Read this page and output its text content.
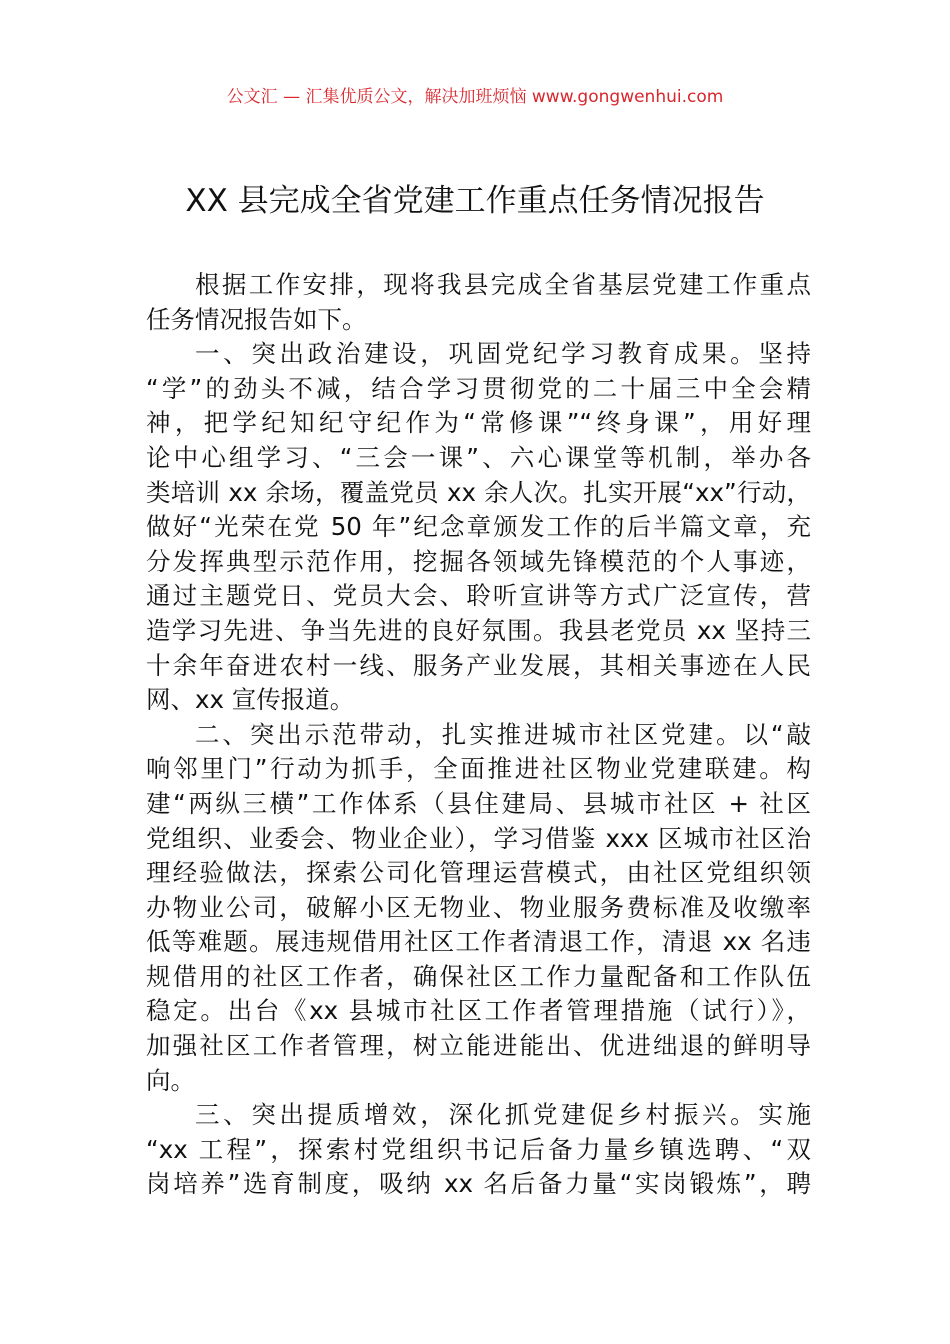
公文汇 — 汇集优质公文，解决加班烦恼 www.gongwenhui.com
XX 县完成全省党建工作重点任务情况报告
根据工作安排，现将我县完成全省基层党建工作重点
任务情况报告如下。
一、突出政治建设，巩固党纪学习教育成果。坚持
“学”的劲头不减，结合学习贯彻党的二十届三中全会精
神，把学纪知纪守纪作为“常修课”“终身课”，用好理
论中心组学习、“三会一课”、六心课堂等机制，举办各
类培训 xx 余场，覆盖党员 xx 余人次。扎实开展“xx”行动，
做好“光荣在党 50 年”纪念章颁发工作的后半篇文章，充
分发挥典型示范作用，挖掘各领域先锋模范的个人事迹，
通过主题党日、党员大会、聆听宣讲等方式广泛宣传，营
造学习先进、争当先进的良好氛围。我县老党员 xx 坚持三
十余年奋进农村一线、服务产业发展，其相关事迹在人民
网、xx 宣传报道。
二、突出示范带动，扎实推进城市社区党建。以“敲
响邻里门”行动为抓手，全面推进社区物业党建联建。构
建“两纵三横”工作体系（县住建局、县城市社区 + 社区
党组织、业委会、物业企业），学习借鉴 xxx 区城市社区治
理经验做法，探索公司化管理运营模式，由社区党组织领
办物业公司，破解小区无物业、物业服务费标准及收缴率
低等难题。展违规借用社区工作者清退工作，清退 xx 名违
规借用的社区工作者，确保社区工作力量配备和工作队伍
稳定。出台《xx 县城市社区工作者管理措施（试行）》，
加强社区工作者管理，树立能进能出、优进绌退的鲜明导
向。
三、突出提质增效，深化抓党建促乡村振兴。实施
“xx 工程”，探索村党组织书记后备力量乡镇选聘、“双
岗培养”选育制度，吸纳 xx 名后备力量“实岗锻炼”，聘
